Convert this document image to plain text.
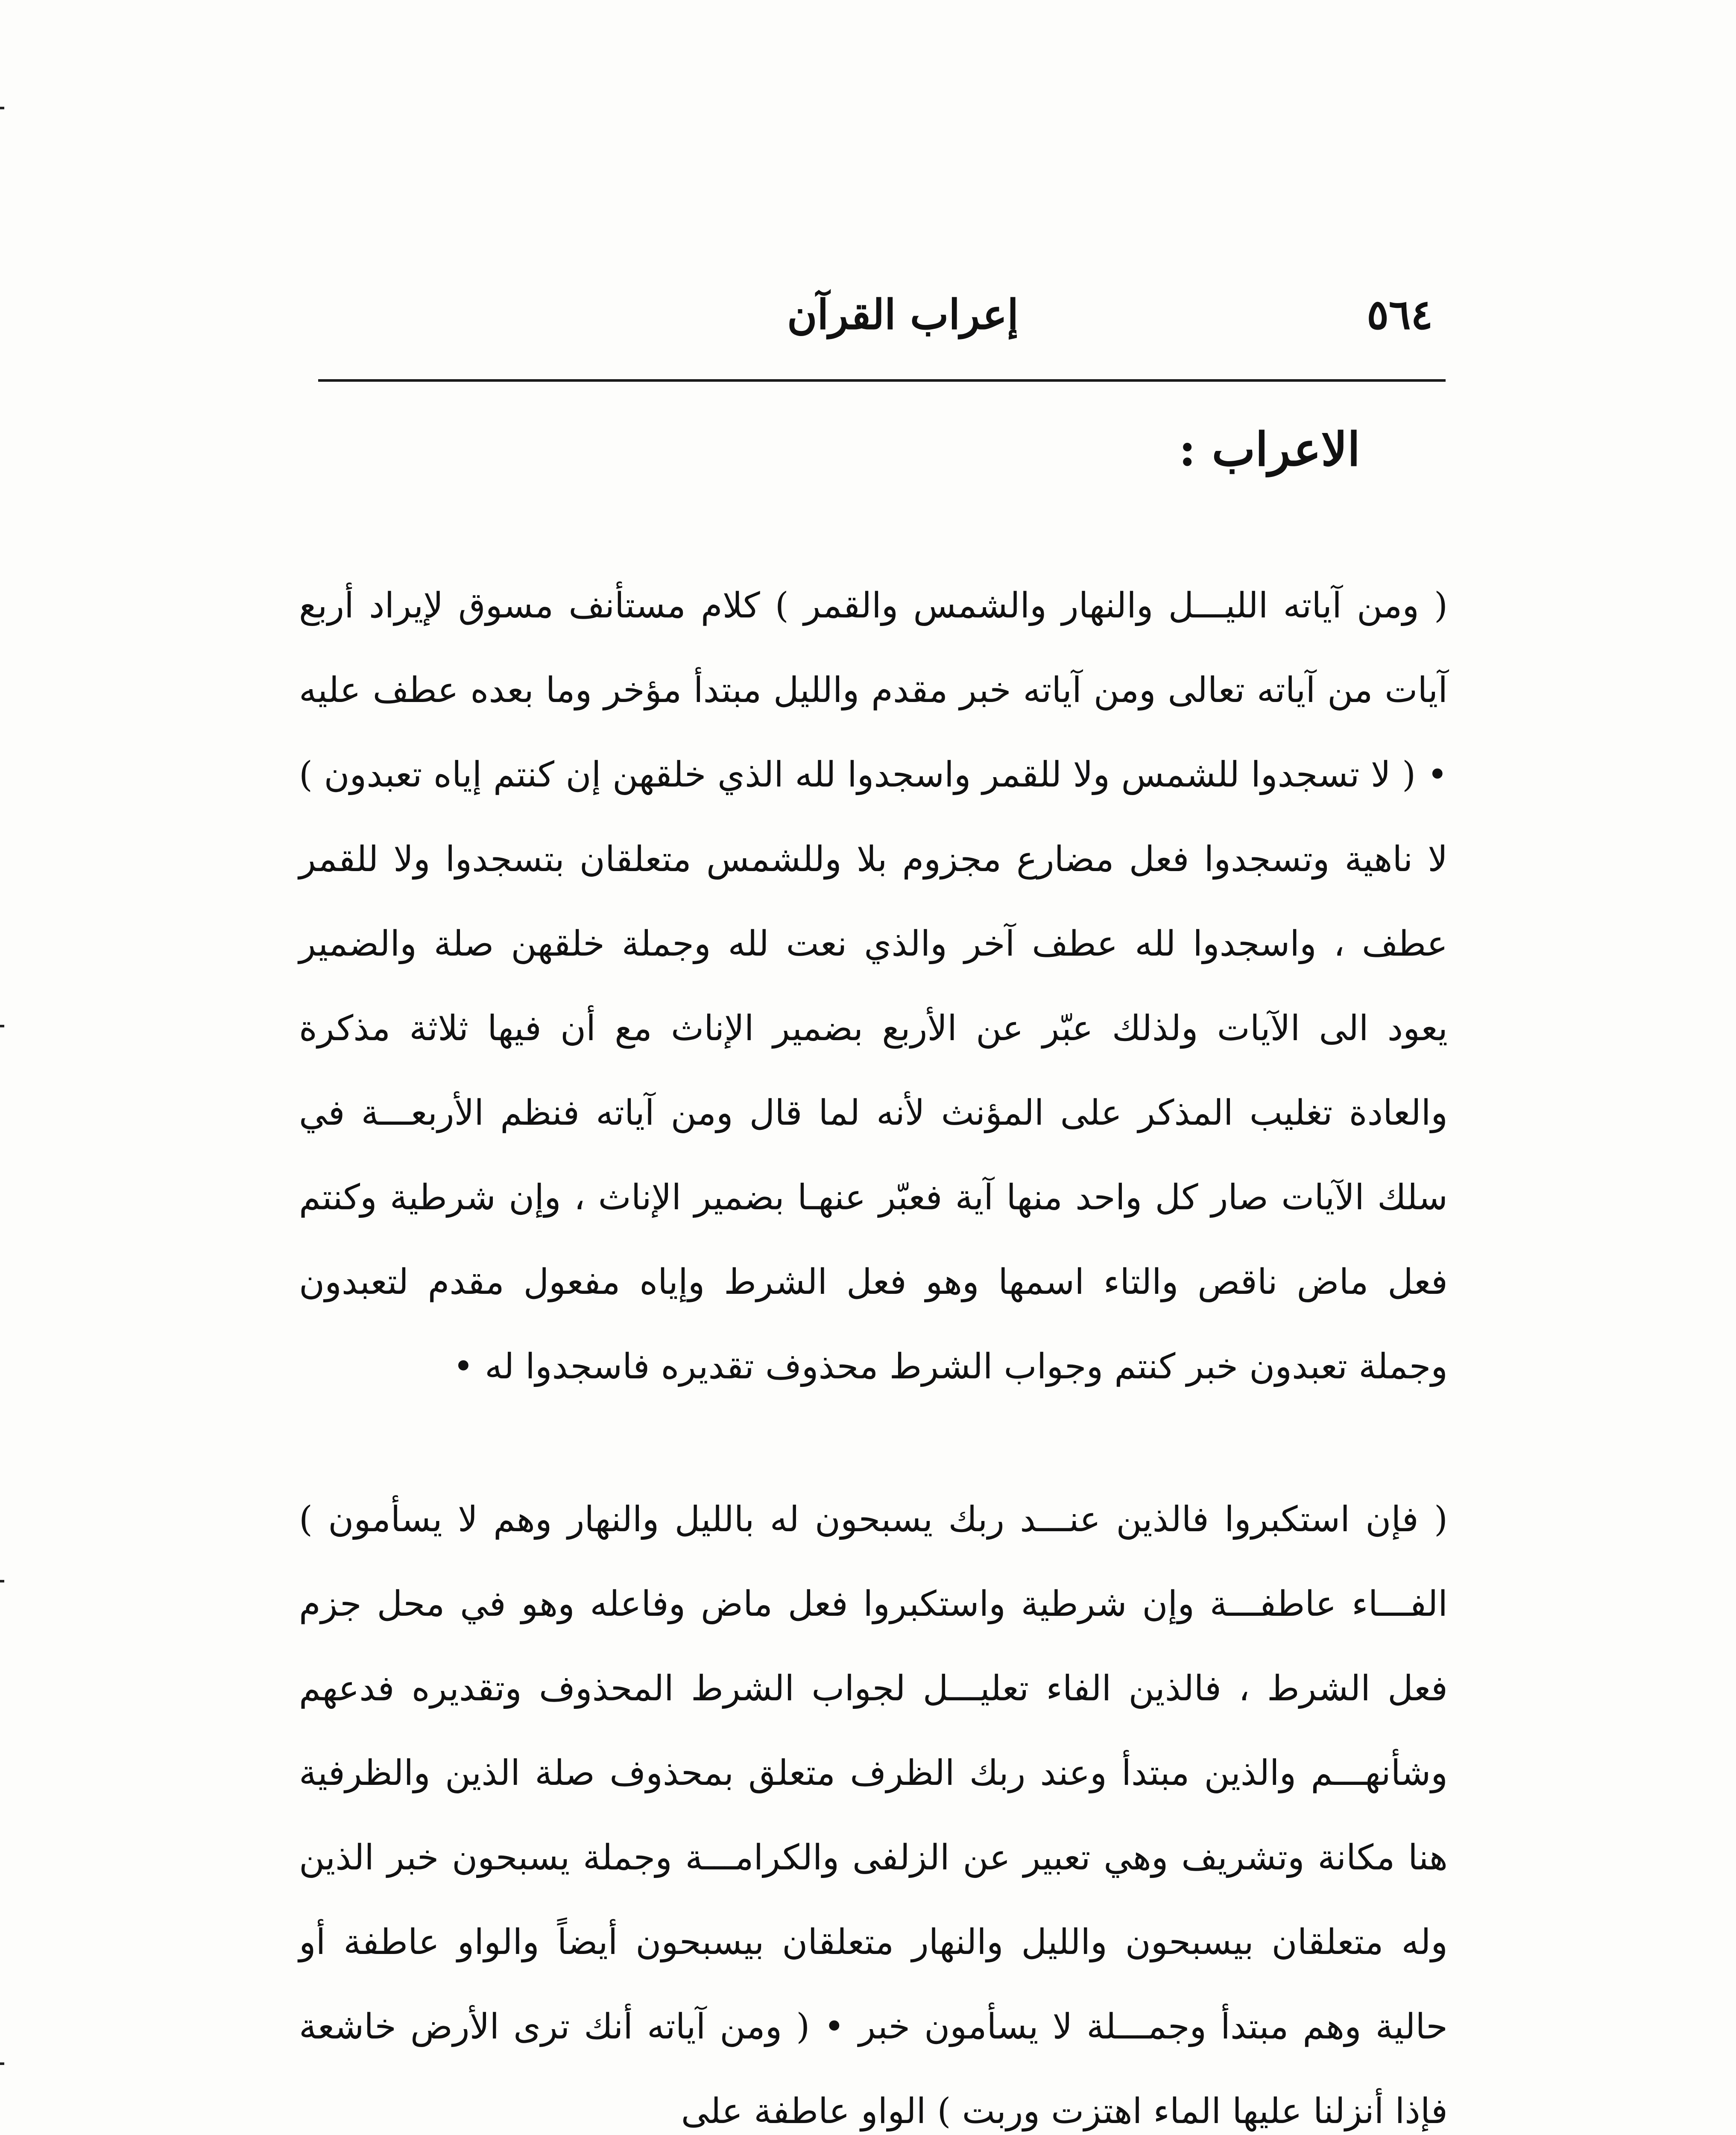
٥٦٤
إعراب القرآن
الاعراب :

( ومن آياته الليـــل والنهار والشمس والقمر ) كلام مستأنف مسوق لإيراد أربع آيات من آياته تعالى ومن آياته خبر مقدم والليل مبتدأ مؤخر وما بعده عطف عليه • ( لا تسجدوا للشمس ولا للقمر واسجدوا لله الذي خلقهن إن كنتم إياه تعبدون ) لا ناهية وتسجدوا فعل مضارع مجزوم بلا وللشمس متعلقان بتسجدوا ولا للقمر عطف ، واسجدوا لله عطف آخر والذي نعت لله وجملة خلقهن صلة والضمير يعود الى الآيات ولذلك عبّر عن الأربع بضمير الإناث مع أن فيها ثلاثة مذكرة والعادة تغليب المذكر على المؤنث لأنه لما قال ومن آياته فنظم الأربعـــة في سلك الآيات صار كل واحد منها آية فعبّر عنهـا بضمير الإناث ، وإن شرطية وكنتم فعل ماض ناقص والتاء اسمها وهو فعل الشرط وإياه مفعول مقدم لتعبدون وجملة تعبدون خبر كنتم وجواب الشرط محذوف تقديره فاسجدوا له •

( فإن استكبروا فالذين عنـــد ربك يسبحون له بالليل والنهار وهم لا يسأمون ) الفـــاء عاطفـــة وإن شرطية واستكبروا فعل ماض وفاعله وهو في محل جزم فعل الشرط ، فالذين الفاء تعليـــل لجواب الشرط المحذوف وتقديره فدعهم وشأنهـــم والذين مبتدأ وعند ربك الظرف متعلق بمحذوف صلة الذين والظرفية هنا مكانة وتشريف وهي تعبير عن الزلفى والكرامـــة وجملة يسبحون خبر الذين وله متعلقان بيسبحون والليل والنهار متعلقان بيسبحون أيضاً والواو عاطفة أو حالية وهم مبتدأ وجمـــلة لا يسأمون خبر • ( ومن آياته أنك ترى الأرض خاشعة فإذا أنزلنا عليها الماء اهتزت وربت ) الواو عاطفة على
